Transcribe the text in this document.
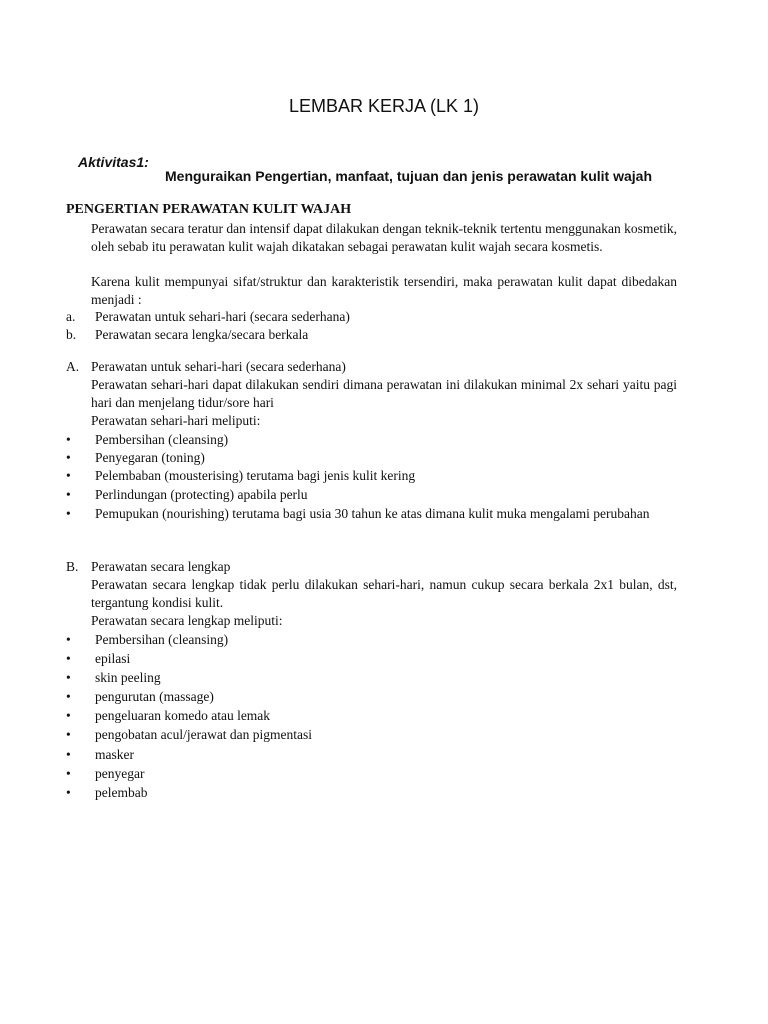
LEMBAR KERJA (LK 1)
Aktivitas1:
Menguraikan Pengertian, manfaat, tujuan dan jenis perawatan kulit wajah
PENGERTIAN PERAWATAN KULIT WAJAH
Perawatan secara teratur dan intensif dapat dilakukan dengan teknik-teknik tertentu menggunakan kosmetik, oleh sebab itu perawatan kulit wajah dikatakan sebagai perawatan kulit wajah secara kosmetis.
Karena kulit mempunyai sifat/struktur dan karakteristik tersendiri, maka perawatan kulit dapat dibedakan menjadi :
a. Perawatan untuk sehari-hari (secara sederhana)
b. Perawatan secara lengka/secara berkala
A. Perawatan untuk sehari-hari (secara sederhana)
Perawatan sehari-hari dapat dilakukan sendiri dimana perawatan ini dilakukan minimal 2x sehari yaitu pagi hari dan menjelang tidur/sore hari
Perawatan sehari-hari meliputi:
• Pembersihan (cleansing)
• Penyegaran (toning)
• Pelembaban (mousterising) terutama bagi jenis kulit kering
• Perlindungan (protecting) apabila perlu
• Pemupukan (nourishing) terutama bagi usia 30 tahun ke atas dimana kulit muka mengalami perubahan
B. Perawatan secara lengkap
Perawatan secara lengkap tidak perlu dilakukan sehari-hari, namun cukup secara berkala 2x1 bulan, dst, tergantung kondisi kulit.
Perawatan secara lengkap meliputi:
• Pembersihan (cleansing)
• epilasi
• skin peeling
• pengurutan (massage)
• pengeluaran komedo atau lemak
• pengobatan acul/jerawat dan pigmentasi
• masker
• penyegar
• pelembab
